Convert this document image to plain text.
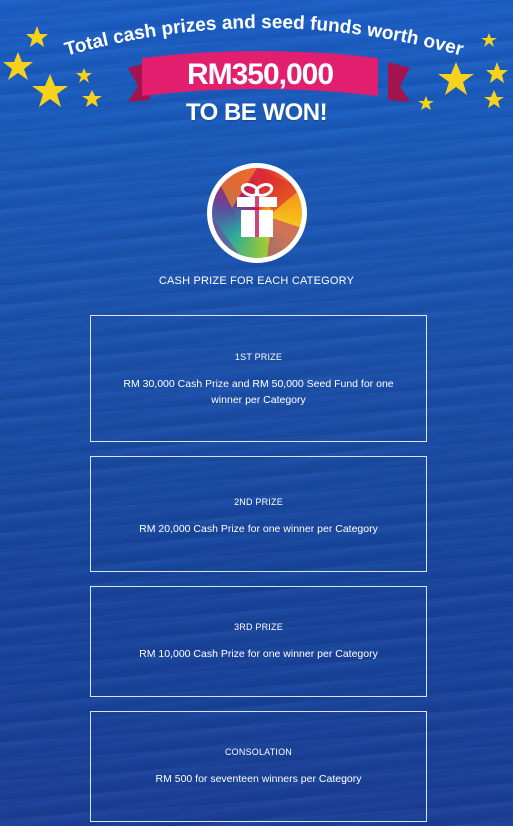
Total cash prizes and seed funds worth over
RM350,000
TO BE WON!
CASH PRIZE FOR EACH CATEGORY
1ST PRIZE
RM 30,000 Cash Prize and RM 50,000 Seed Fund for one winner per Category
2ND PRIZE
RM 20,000 Cash Prize for one winner per Category
3RD PRIZE
RM 10,000 Cash Prize for one winner per Category
CONSOLATION
RM 500 for seventeen winners per Category
